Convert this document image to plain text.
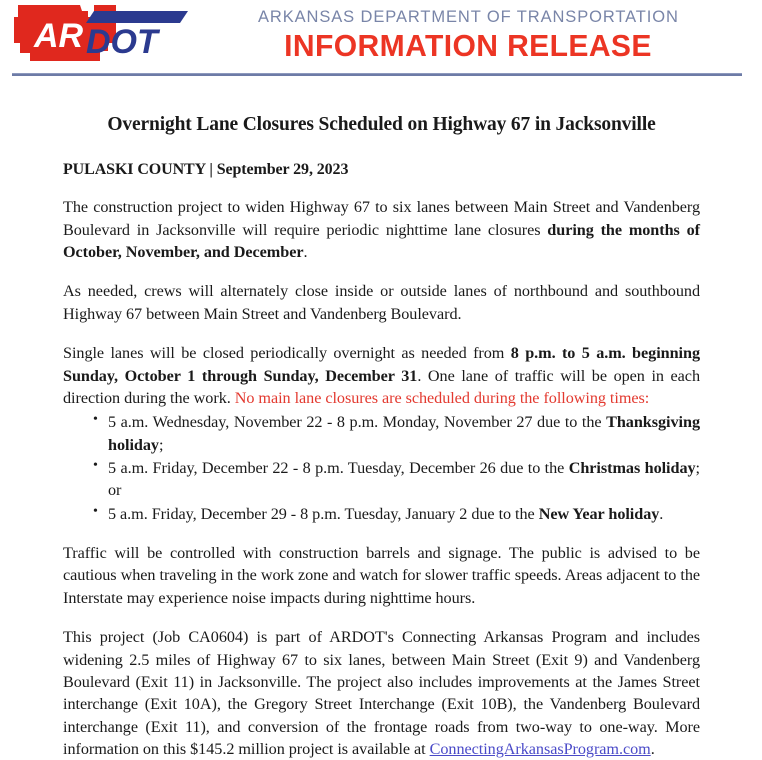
AR DOT
ARKANSAS DEPARTMENT OF TRANSPORTATION
INFORMATION RELEASE
Overnight Lane Closures Scheduled on Highway 67 in Jacksonville
PULASKI COUNTY | September 29, 2023

The construction project to widen Highway 67 to six lanes between Main Street and Vandenberg Boulevard in Jacksonville will require periodic nighttime lane closures during the months of October, November, and December.

As needed, crews will alternately close inside or outside lanes of northbound and southbound Highway 67 between Main Street and Vandenberg Boulevard.

Single lanes will be closed periodically overnight as needed from 8 p.m. to 5 a.m. beginning Sunday, October 1 through Sunday, December 31. One lane of traffic will be open in each direction during the work. No main lane closures are scheduled during the following times:

• 5 a.m. Wednesday, November 22 - 8 p.m. Monday, November 27 due to the Thanksgiving holiday;
• 5 a.m. Friday, December 22 - 8 p.m. Tuesday, December 26 due to the Christmas holiday; or
• 5 a.m. Friday, December 29 - 8 p.m. Tuesday, January 2 due to the New Year holiday.

Traffic will be controlled with construction barrels and signage. The public is advised to be cautious when traveling in the work zone and watch for slower traffic speeds. Areas adjacent to the Interstate may experience noise impacts during nighttime hours.

This project (Job CA0604) is part of ARDOT's Connecting Arkansas Program and includes widening 2.5 miles of Highway 67 to six lanes, between Main Street (Exit 9) and Vandenberg Boulevard (Exit 11) in Jacksonville. The project also includes improvements at the James Street interchange (Exit 10A), the Gregory Street Interchange (Exit 10B), the Vandenberg Boulevard interchange (Exit 11), and conversion of the frontage roads from two-way to one-way. More information on this $145.2 million project is available at ConnectingArkansasProgram.com.
